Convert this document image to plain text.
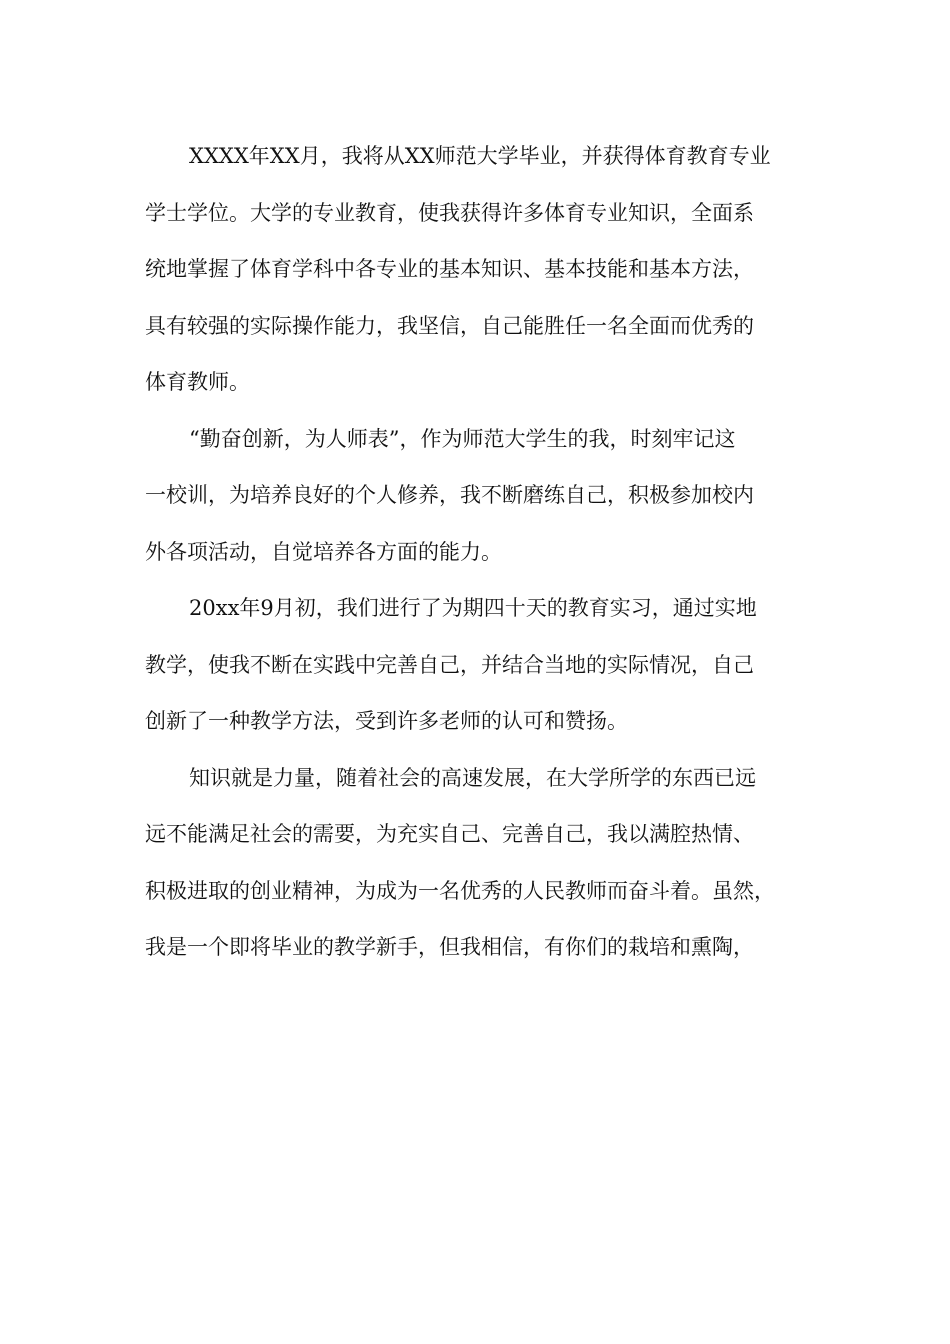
XXXX年XX月，我将从XX师范大学毕业，并获得体育教育专业
学士学位。大学的专业教育，使我获得许多体育专业知识，全面系
统地掌握了体育学科中各专业的基本知识、基本技能和基本方法，
具有较强的实际操作能力，我坚信，自己能胜任一名全面而优秀的
体育教师。
“勤奋创新，为人师表”，作为师范大学生的我，时刻牢记这
一校训，为培养良好的个人修养，我不断磨练自己，积极参加校内
外各项活动，自觉培养各方面的能力。
20xx年9月初，我们进行了为期四十天的教育实习，通过实地
教学，使我不断在实践中完善自己，并结合当地的实际情况，自己
创新了一种教学方法，受到许多老师的认可和赞扬。
知识就是力量，随着社会的高速发展，在大学所学的东西已远
远不能满足社会的需要，为充实自己、完善自己，我以满腔热情、
积极进取的创业精神，为成为一名优秀的人民教师而奋斗着。虽然，
我是一个即将毕业的教学新手，但我相信，有你们的栽培和熏陶，
